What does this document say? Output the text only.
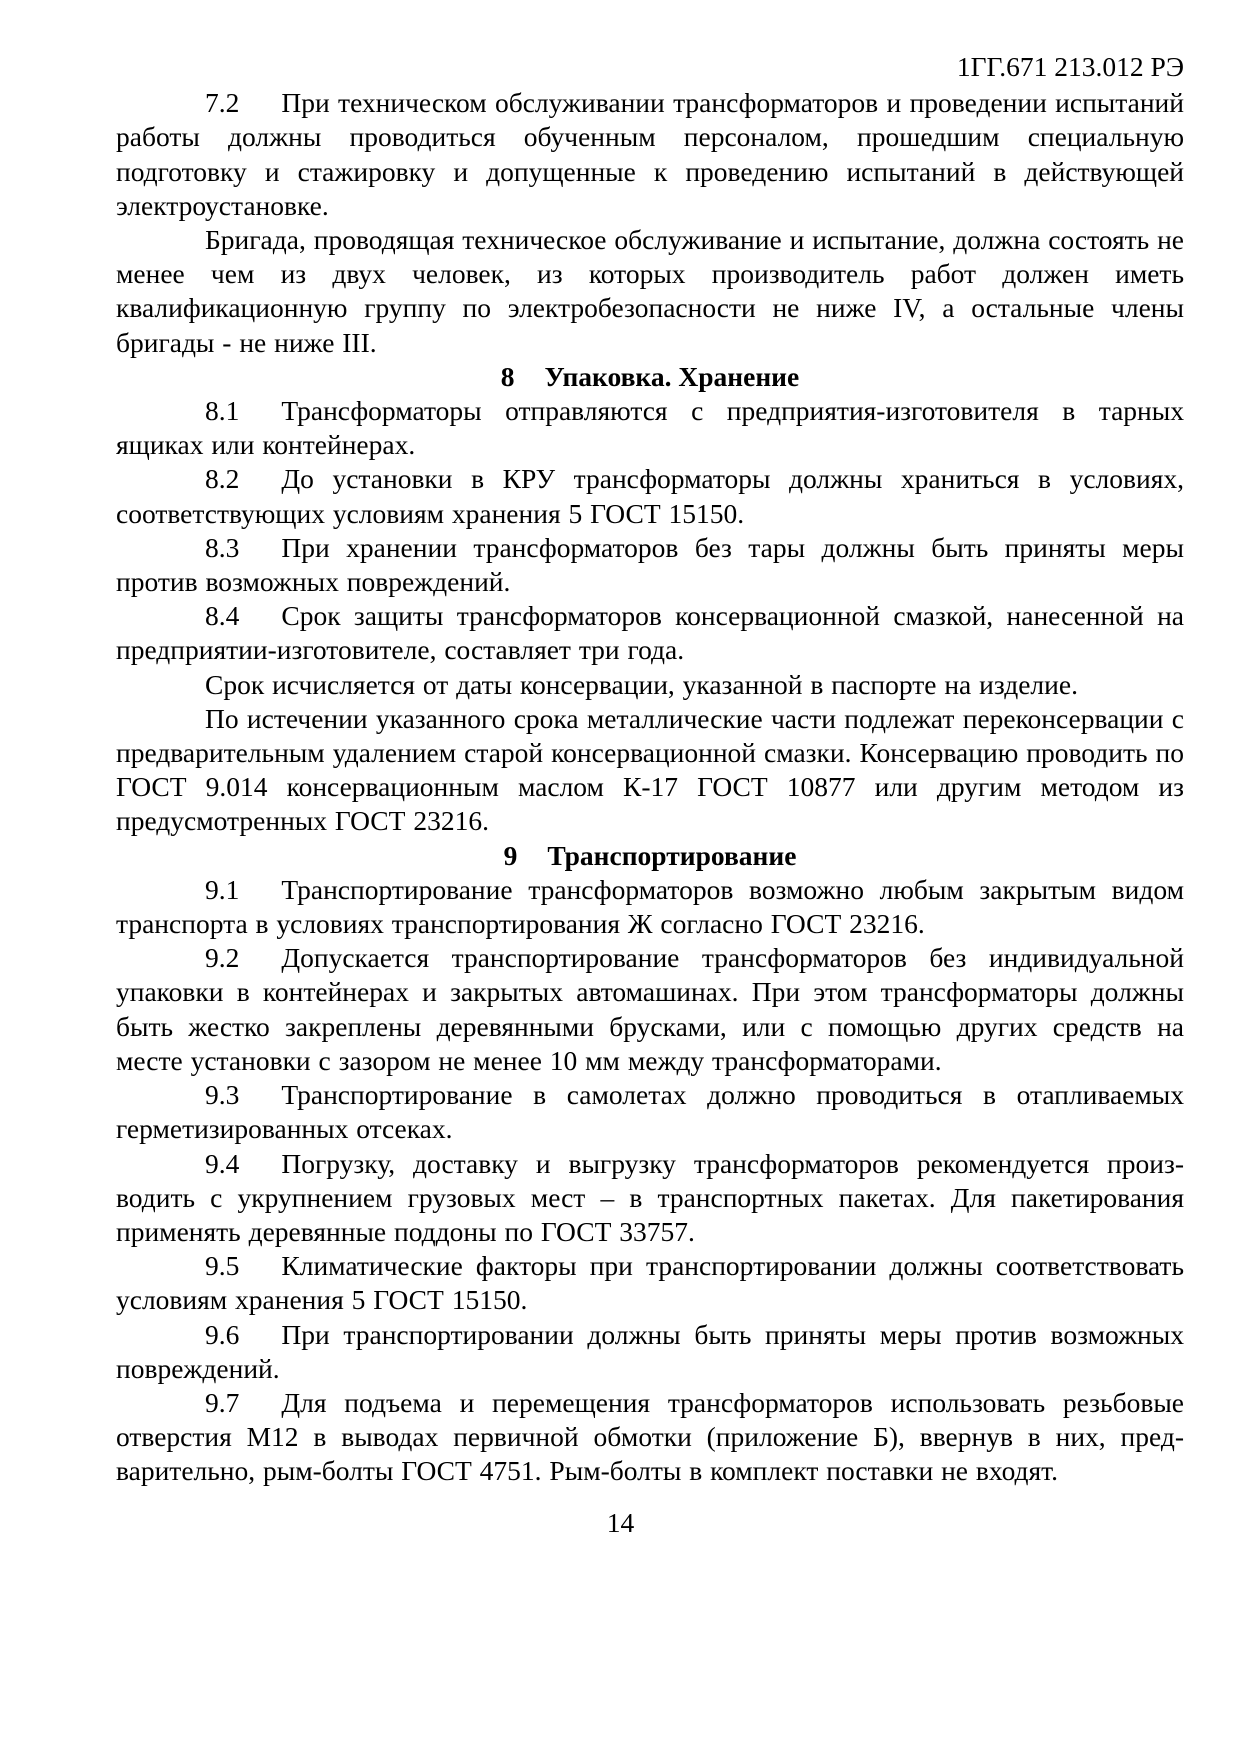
1ГГ.671 213.012 РЭ

7.2 При техническом обслуживании трансформаторов и проведении испытаний работы должны проводиться обученным персоналом, прошедшим специальную подготовку и стажировку и допущенные к проведению испытаний в действующей электроустановке.

Бригада, проводящая техническое обслуживание и испытание, должна состоять не менее чем из двух человек, из которых производитель работ должен иметь квалификационную группу по электробезопасности не ниже IV, а остальные члены бригады - не ниже III.

8 Упаковка. Хранение

8.1 Трансформаторы отправляются с предприятия-изготовителя в тарных ящиках или контейнерах.

8.2 До установки в КРУ трансформаторы должны храниться в условиях, соответствующих условиям хранения 5 ГОСТ 15150.

8.3 При хранении трансформаторов без тары должны быть приняты меры против возможных повреждений.

8.4 Срок защиты трансформаторов консервационной смазкой, нанесенной на предприятии-изготовителе, составляет три года.

Срок исчисляется от даты консервации, указанной в паспорте на изделие.

По истечении указанного срока металлические части подлежат переконсервации с предварительным удалением старой консервационной смазки. Консервацию проводить по ГОСТ 9.014 консервационным маслом К-17 ГОСТ 10877 или другим методом из предусмотренных ГОСТ 23216.

9 Транспортирование

9.1 Транспортирование трансформаторов возможно любым закрытым видом транспорта в условиях транспортирования Ж согласно ГОСТ 23216.

9.2 Допускается транспортирование трансформаторов без индивидуальной упаковки в контейнерах и закрытых автомашинах. При этом трансформаторы должны быть жестко закреплены деревянными брусками, или с помощью других средств на месте установки с зазором не менее 10 мм между трансформаторами.

9.3 Транспортирование в самолетах должно проводиться в отапливаемых герметизированных отсеках.

9.4 Погрузку, доставку и выгрузку трансформаторов рекомендуется производить с укрупнением грузовых мест – в транспортных пакетах. Для пакетирования применять деревянные поддоны по ГОСТ 33757.

9.5 Климатические факторы при транспортировании должны соответствовать условиям хранения 5 ГОСТ 15150.

9.6 При транспортировании должны быть приняты меры против возможных повреждений.

9.7 Для подъема и перемещения трансформаторов использовать резьбовые отверстия М12 в выводах первичной обмотки (приложение Б), ввернув в них, предварительно, рым-болты ГОСТ 4751. Рым-болты в комплект поставки не входят.

14
